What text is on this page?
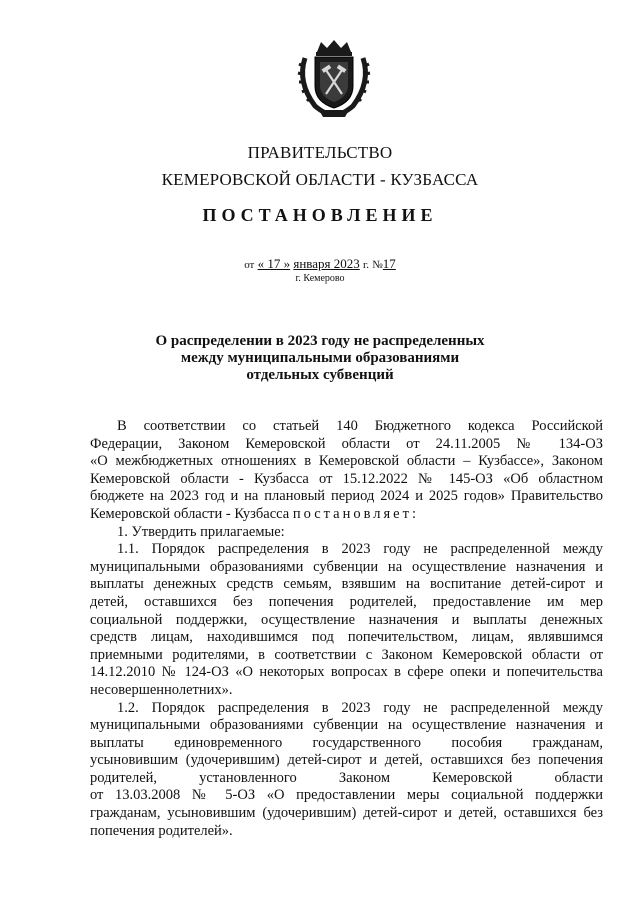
ПРАВИТЕЛЬСТВО
КЕМЕРОВСКОЙ ОБЛАСТИ - КУЗБАССА
ПОСТАНОВЛЕНИЕ
от « 17 » января 2023 г. №17
г. Кемерово
О распределении в 2023 году не распределенных
между муниципальными образованиями
отдельных субвенций
В соответствии со статьей 140 Бюджетного кодекса Российской
Федерации, Законом Кемеровской области от 24.11.2005 № 134-ОЗ
«О межбюджетных отношениях в Кемеровской области – Кузбассе», Законом
Кемеровской области - Кузбасса от 15.12.2022 № 145-ОЗ «Об областном
бюджете на 2023 год и на плановый период 2024 и 2025 годов» Правительство
Кемеровской области - Кузбасса постановляет:
1. Утвердить прилагаемые:
1.1. Порядок распределения в 2023 году не распределенной между
муниципальными образованиями субвенции на осуществление назначения и
выплаты денежных средств семьям, взявшим на воспитание детей-сирот и
детей, оставшихся без попечения родителей, предоставление им мер
социальной поддержки, осуществление назначения и выплаты денежных
средств лицам, находившимся под попечительством, лицам, являвшимся
приемными родителями, в соответствии с Законом Кемеровской области от
14.12.2010 № 124-ОЗ «О некоторых вопросах в сфере опеки и попечительства
несовершеннолетних».
1.2. Порядок распределения в 2023 году не распределенной между
муниципальными образованиями субвенции на осуществление назначения и
выплаты единовременного государственного пособия гражданам,
усыновившим (удочерившим) детей-сирот и детей, оставшихся без попечения
родителей, установленного Законом Кемеровской области
от 13.03.2008 № 5-ОЗ «О предоставлении меры социальной поддержки
гражданам, усыновившим (удочерившим) детей-сирот и детей, оставшихся без
попечения родителей».
